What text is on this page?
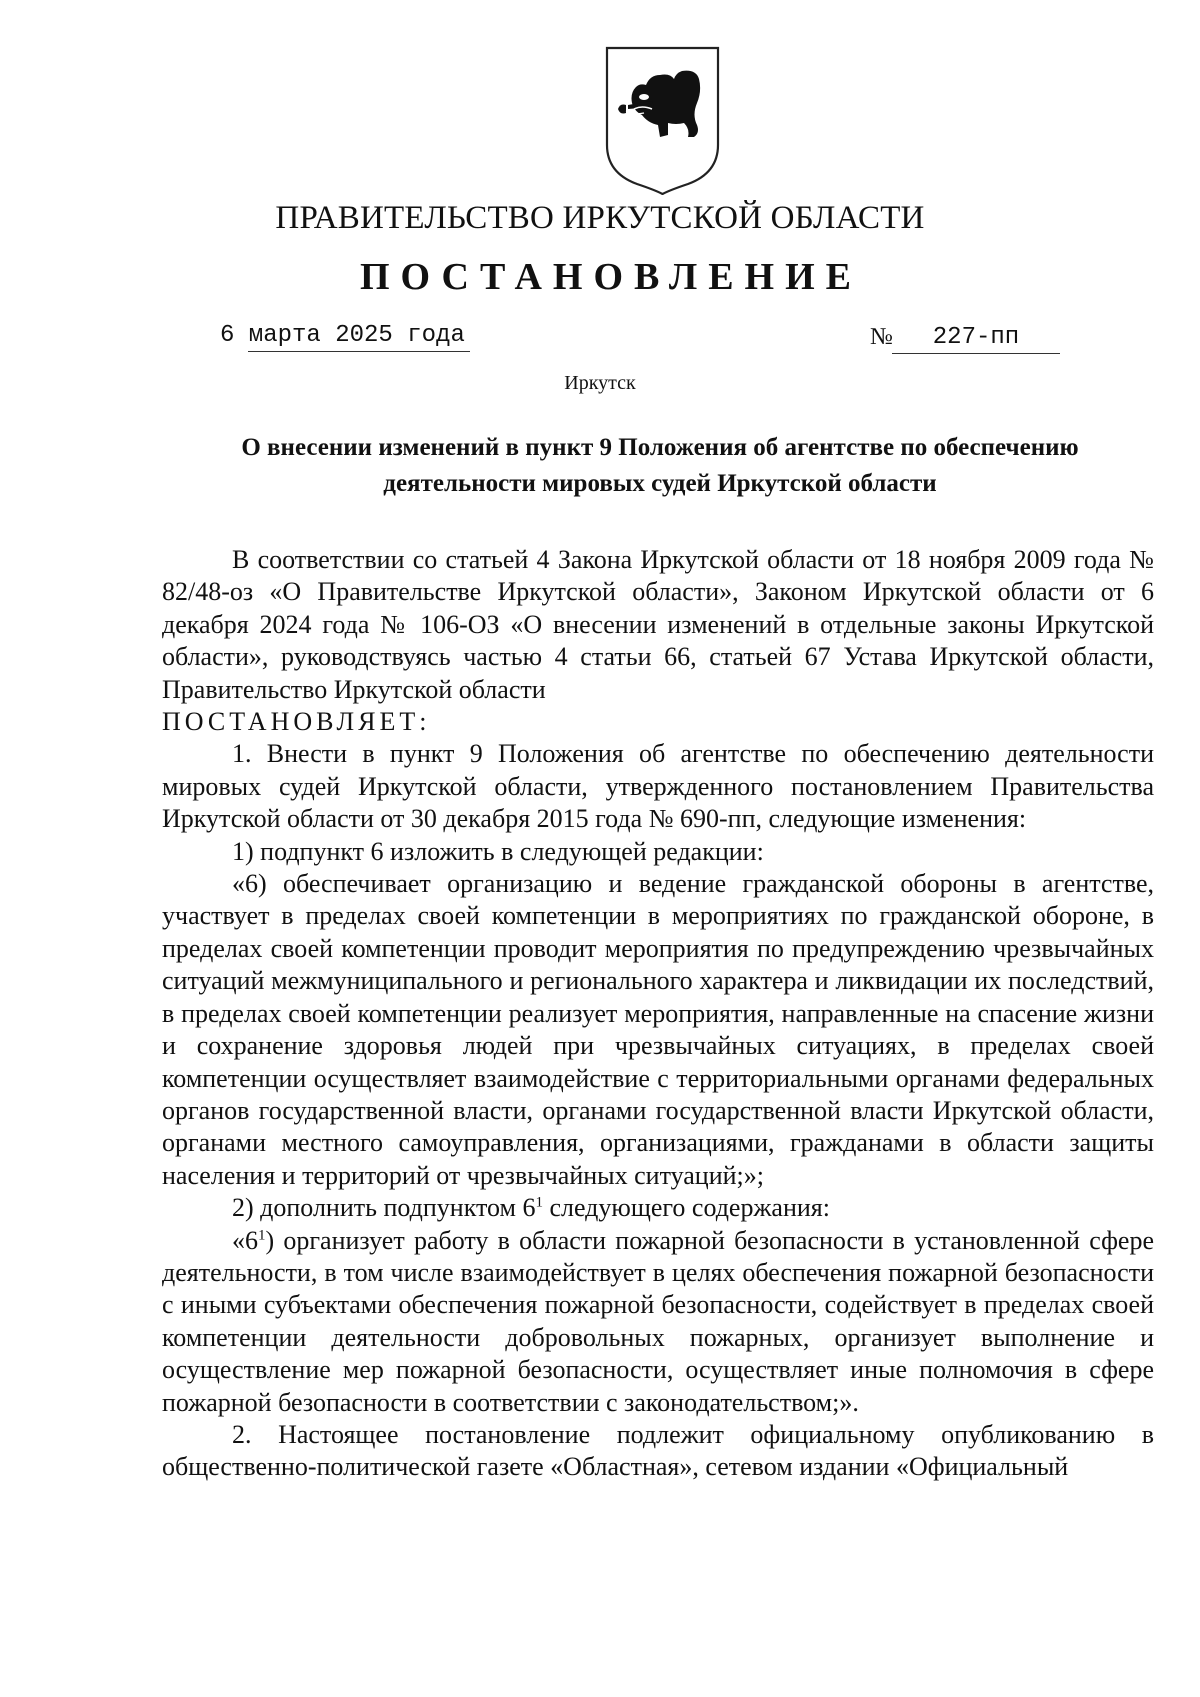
ПРАВИТЕЛЬСТВО ИРКУТСКОЙ ОБЛАСТИ
ПОСТАНОВЛЕНИЕ
6 марта 2025 года	№	227-пп
Иркутск
О внесении изменений в пункт 9 Положения об агентстве по обеспечению
деятельности мировых судей Иркутской области

В соответствии со статьей 4 Закона Иркутской области от 18 ноября 2009 года № 82/48-оз «О Правительстве Иркутской области», Законом Иркутской области от 6 декабря 2024 года № 106-ОЗ «О внесении изменений в отдельные законы Иркутской области», руководствуясь частью 4 статьи 66, статьей 67 Устава Иркутской области, Правительство Иркутской области

ПОСТАНОВЛЯЕТ:

1. Внести в пункт 9 Положения об агентстве по обеспечению деятельности мировых судей Иркутской области, утвержденного постановлением Правительства Иркутской области от 30 декабря 2015 года № 690-пп, следующие изменения:

1) подпункт 6 изложить в следующей редакции:

«6) обеспечивает организацию и ведение гражданской обороны в агентстве, участвует в пределах своей компетенции в мероприятиях по гражданской обороне, в пределах своей компетенции проводит мероприятия по предупреждению чрезвычайных ситуаций межмуниципального и регионального характера и ликвидации их последствий, в пределах своей компетенции реализует мероприятия, направленные на спасение жизни и сохранение здоровья людей при чрезвычайных ситуациях, в пределах своей компетенции осуществляет взаимодействие с территориальными органами федеральных органов государственной власти, органами государственной власти Иркутской области, органами местного самоуправления, организациями, гражданами в области защиты населения и территорий от чрезвычайных ситуаций;»;

2) дополнить подпунктом $6^1$ следующего содержания:

«$6^1$) организует работу в области пожарной безопасности в установленной сфере деятельности, в том числе взаимодействует в целях обеспечения пожарной безопасности с иными субъектами обеспечения пожарной безопасности, содействует в пределах своей компетенции деятельности добровольных пожарных, организует выполнение и осуществление мер пожарной безопасности, осуществляет иные полномочия в сфере пожарной безопасности в соответствии с законодательством;».

2. Настоящее постановление подлежит официальному опубликованию в общественно-политической газете «Областная», сетевом издании «Официальный
